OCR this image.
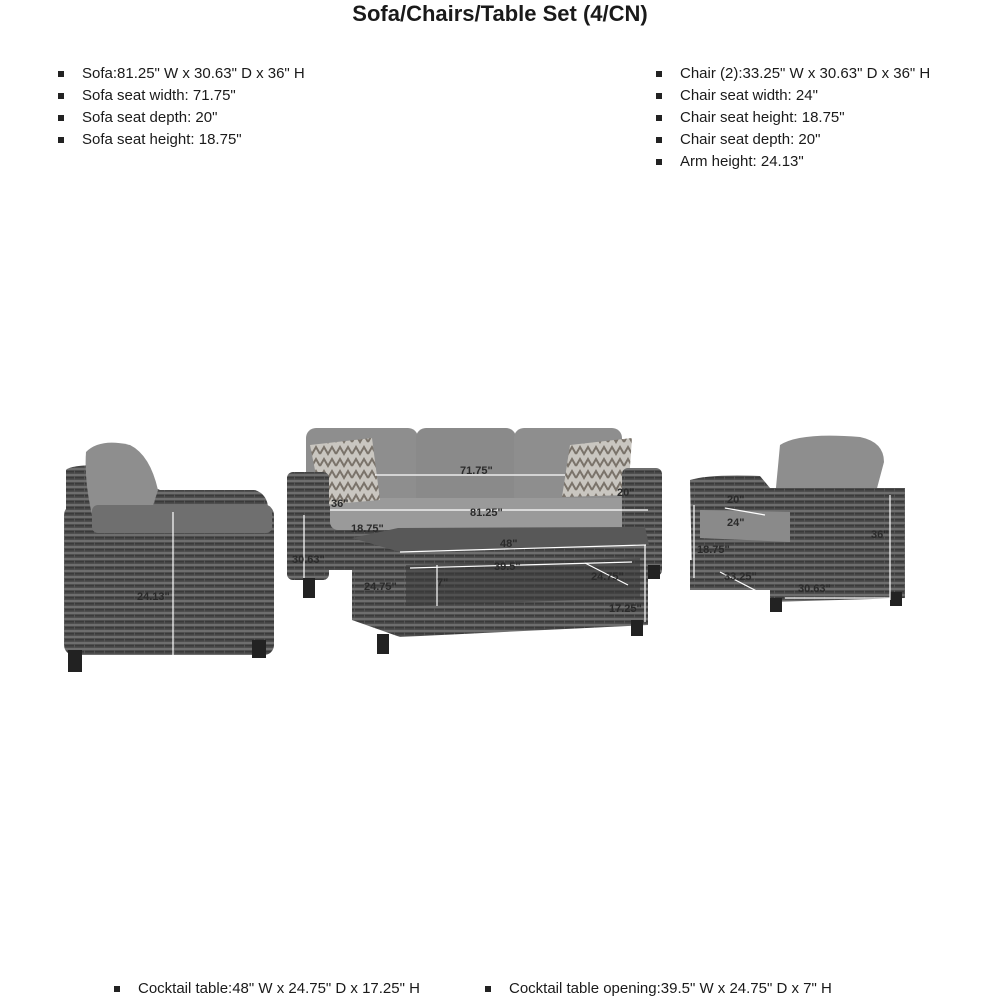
Sofa/Chairs/Table Set (4/CN)
Sofa:81.25" W x 30.63" D x 36" H
Sofa seat width: 71.75"
Sofa seat depth: 20"
Sofa seat height: 18.75"
Chair (2):33.25" W x 30.63" D x 36" H
Chair seat width: 24"
Chair seat height: 18.75"
Chair seat depth: 20"
Arm height: 24.13"
71.75"
36"
20"
81.25"
18.75"
30.63"
48"
39.5"
7"
24.75"
24.75"
17.25"
24.13"
20"
24"
36"
18.75"
33.25"
30.63"
Cocktail table:48" W x 24.75" D x 17.25" H	Cocktail table opening:39.5" W x 24.75" D x 7" H
